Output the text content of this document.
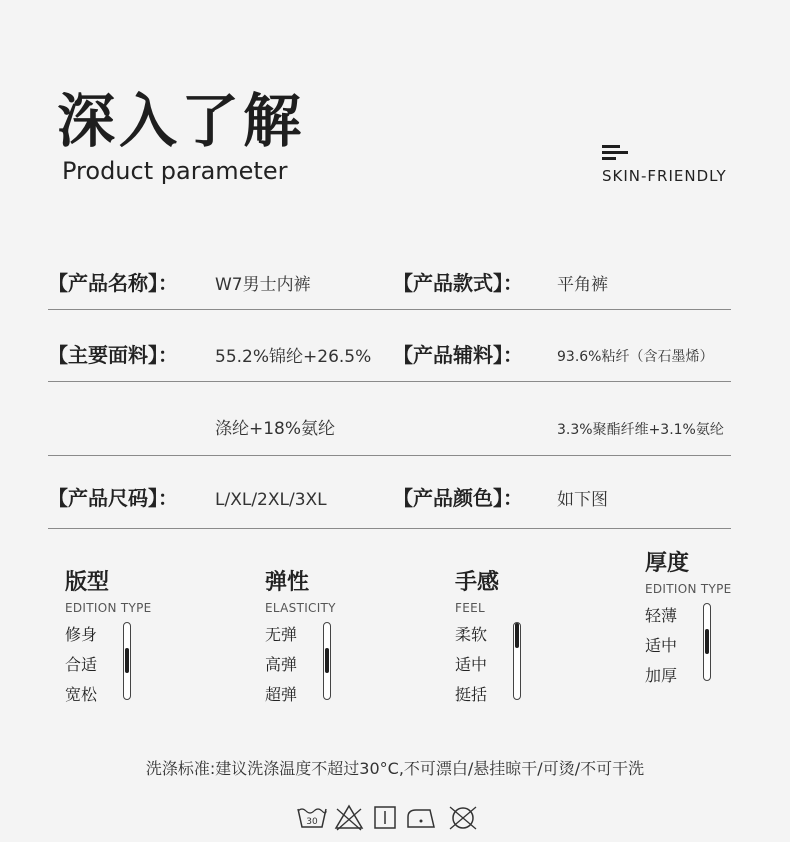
深入了解
Product parameter	SKIN-FRIENDLY
【产品名称】： W7男士内裤	【产品款式】： 平角裤
【主要面料】： 55.2%锦纶+26.5% 【产品辅料】： 93.6%粘纤（含石墨烯）
涤纶+18%氨纶	3.3%聚酯纤维+3.1%氨纶
【产品尺码】： L/XL/2XL/3XL	【产品颜色】： 如下图
版型
EDITION TYPE
修身
合适
宽松
弹性
ELASTICITY
无弹
高弹
超弹
手感
FEEL
柔软
适中
挺括
厚度
EDITION TYPE
轻薄
适中
加厚
洗涤标准:建议洗涤温度不超过30°C,不可漂白/悬挂晾干/可烫/不可干洗
30
